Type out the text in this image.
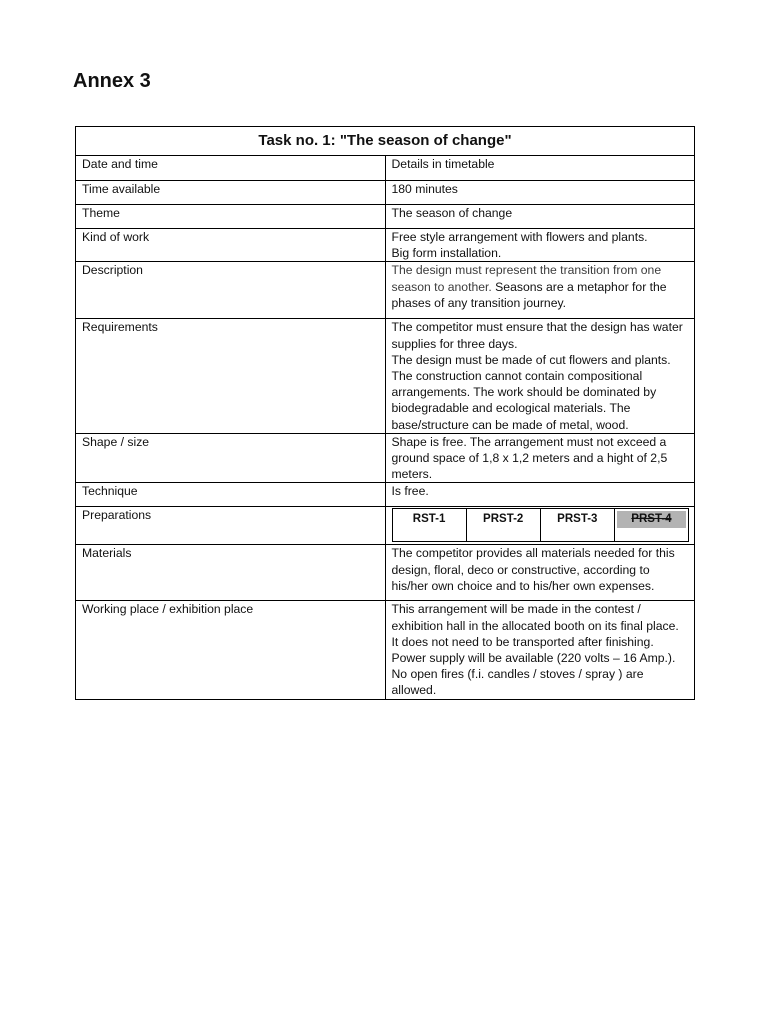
Annex 3
Task no. 1: "The season of change"
Date and time	Details in timetable
Time available	180 minutes
Theme	The season of change
Kind of work	Free style arrangement with flowers and plants.
Big form installation.

Description	The design must represent the transition from one season to another. Seasons are a metaphor for the phases of any transition journey.
Requirements	The competitor must ensure that the design has water supplies for three days.
The design must be made of cut flowers and plants.
The construction cannot contain compositional arrangements. The work should be dominated by biodegradable and ecological materials. The base/structure can be made of metal, wood.

Shape / size	Shape is free. The arrangement must not exceed a ground space of 1,8 x 1,2 meters and a hight of 2,5 meters.
Technique	Is free.
Preparations		RST-1	PRST-2	PRST-3	PRST-4

Materials	The competitor provides all materials needed for this design, floral, deco or constructive, according to his/her own choice and to his/her own expenses.
Working place / exhibition place	This arrangement will be made in the contest / exhibition hall in the allocated booth on its final place. It does not need to be transported after finishing. Power supply will be available (220 volts – 16 Amp.). No open fires (f.i. candles / stoves / spray ) are allowed.
